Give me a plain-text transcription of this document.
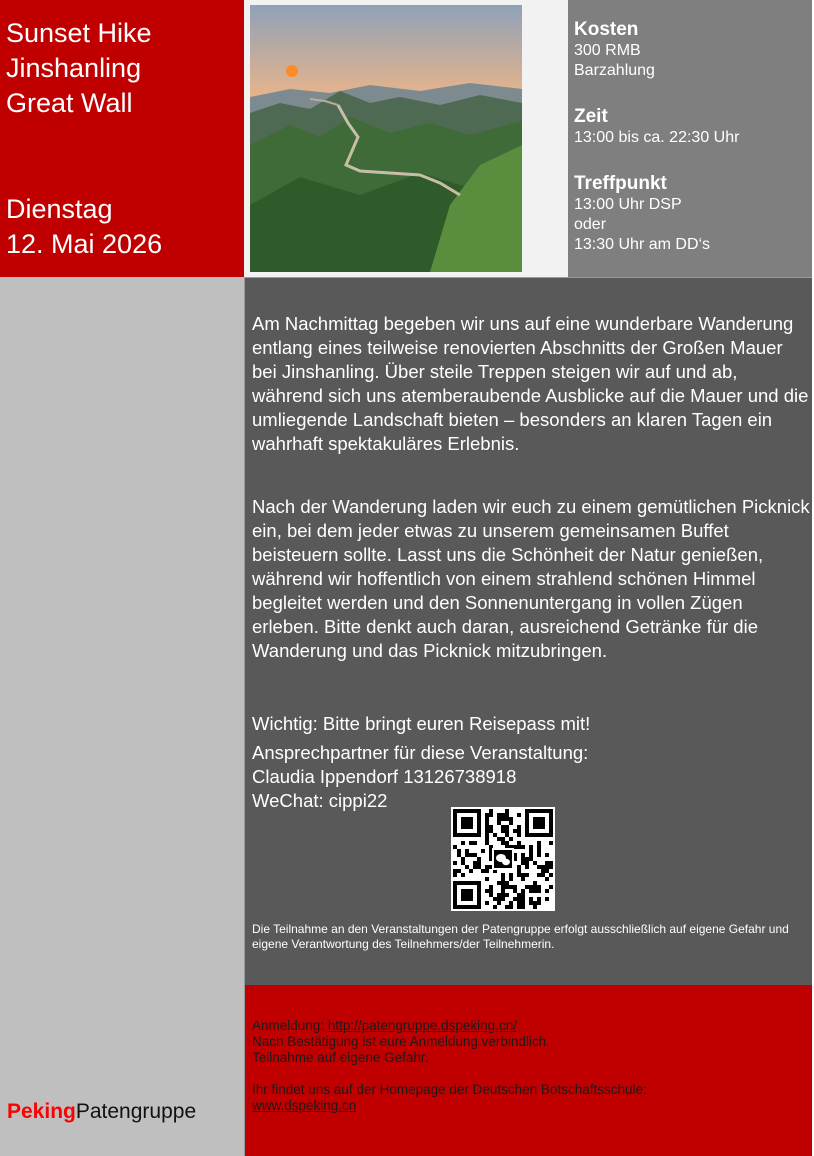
Sunset Hike
Jinshanling
Great Wall
Dienstag
12. Mai 2026
Kosten
300 RMB
Barzahlung
Zeit
13:00 bis ca. 22:30 Uhr
Treffpunkt
13:00 Uhr DSP
oder
13:30 Uhr am DD‘s
PekingPatengruppe
Am Nachmittag begeben wir uns auf eine wunderbare Wanderung entlang eines teilweise renovierten Abschnitts der Großen Mauer bei Jinshanling. Über steile Treppen steigen wir auf und ab, während sich uns atemberaubende Ausblicke auf die Mauer und die umliegende Landschaft bieten – besonders an klaren Tagen ein wahrhaft spektakuläres Erlebnis.
Nach der Wanderung laden wir euch zu einem gemütlichen Picknick ein, bei dem jeder etwas zu unserem gemeinsamen Buffet beisteuern sollte. Lasst uns die Schönheit der Natur genießen, während wir hoffentlich von einem strahlend schönen Himmel begleitet werden und den Sonnenuntergang in vollen Zügen erleben. Bitte denkt auch daran, ausreichend Getränke für die Wanderung und das Picknick mitzubringen.
Wichtig: Bitte bringt euren Reisepass mit!
Ansprechpartner für diese Veranstaltung:
Claudia Ippendorf 13126738918
WeChat: cippi22
Die Teilnahme an den Veranstaltungen der Patengruppe erfolgt ausschließlich auf eigene Gefahr und eigene Verantwortung des Teilnehmers/der Teilnehmerin.
Anmeldung: http://patengruppe.dspeking.cn/
Nach Bestätigung ist eure Anmeldung verbindlich.
Teilnahme auf eigene Gefahr.
Ihr findet uns auf der Homepage der Deutschen Botschaftsschule:
www.dspeking.cn
